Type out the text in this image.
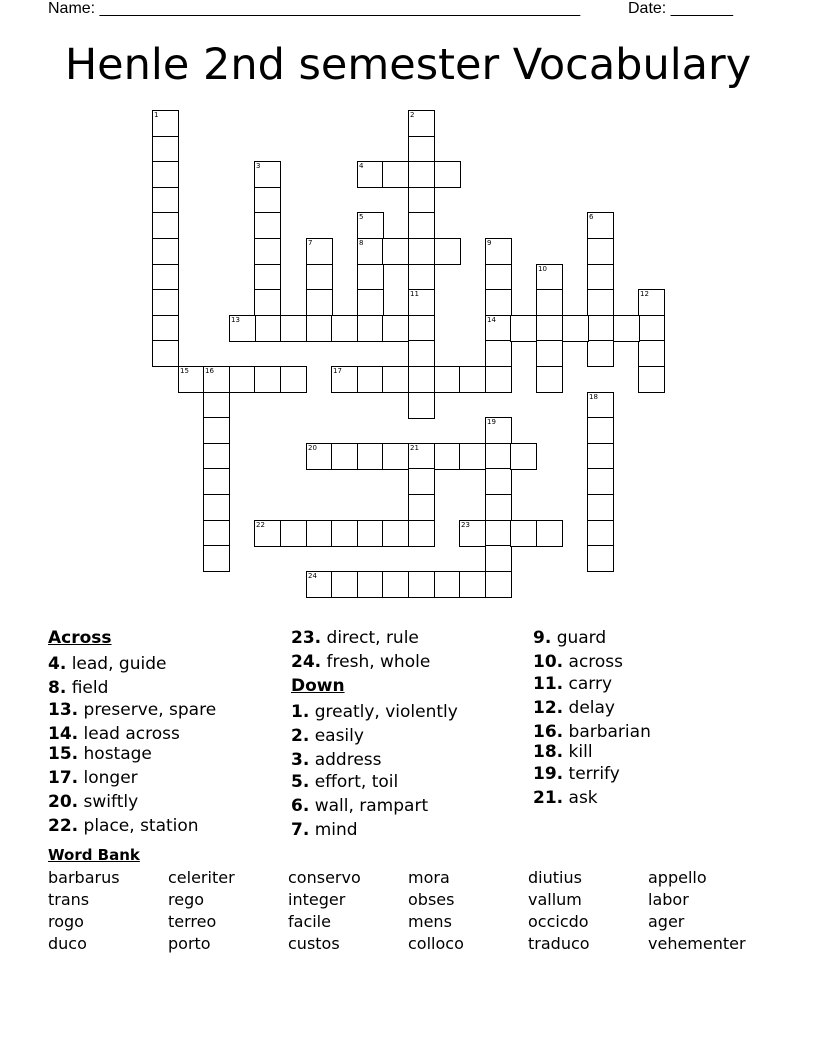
Name: ______________________________________________________	Date: _______
Henle 2nd semester Vocabulary
1	2
11
3	4
5
8
6
7	9
14
10
12
13
15 16	17
18
19
20	21
22	23
24
Across
4. lead, guide
8. field
13. preserve, spare
14. lead across
15. hostage
17. longer
20. swiftly
22. place, station
23. direct, rule
24. fresh, whole
Down
1. greatly, violently
2. easily
3. address
5. effort, toil
6. wall, rampart
7. mind
9. guard
10. across
11. carry
12. delay
16. barbarian
18. kill
19. terrify
21. ask
Word Bank
barbarus	celeriter	conservo	mora	diutius	appello
trans	rego	integer	obses	vallum	labor
rogo	terreo	facile	mens	occicdo	ager
duco	porto	custos	colloco	traduco	vehementer
